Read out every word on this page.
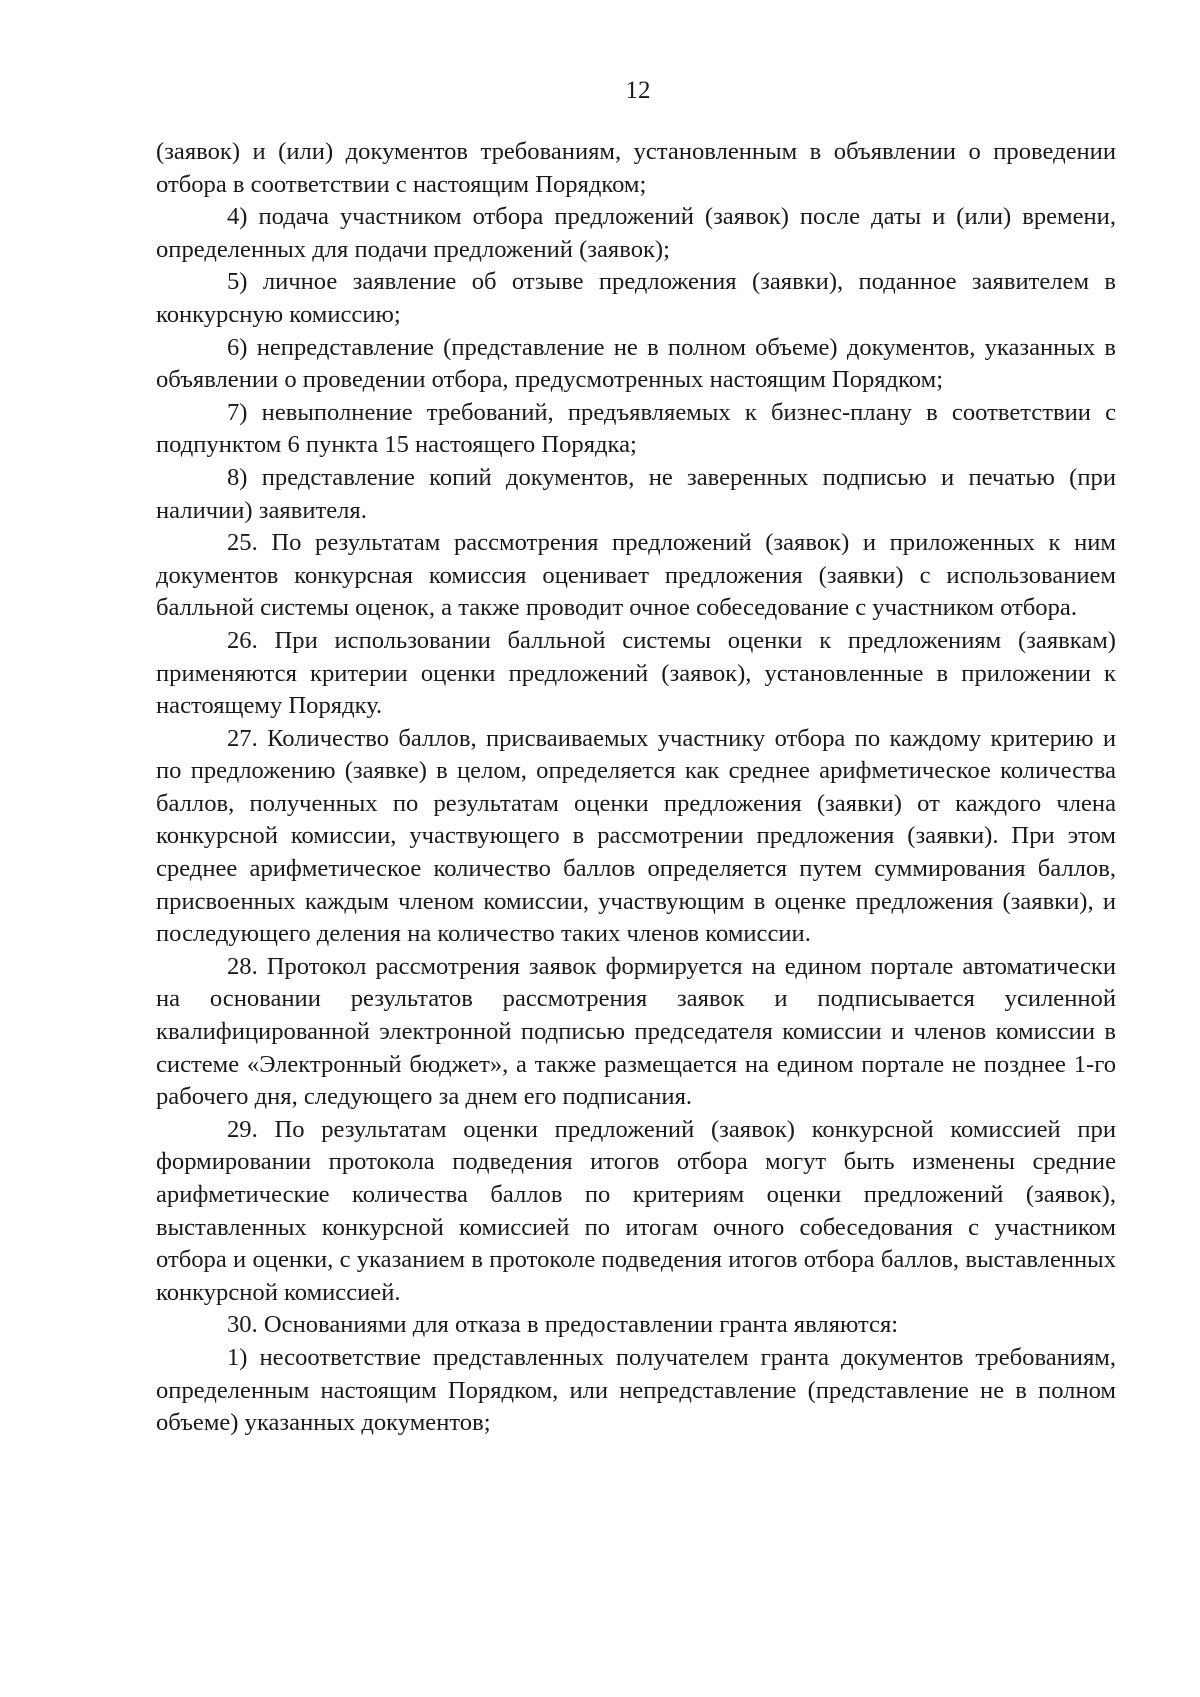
12

(заявок) и (или) документов требованиям, установленным в объявлении о проведении отбора в соответствии с настоящим Порядком;

4) подача участником отбора предложений (заявок) после даты и (или) времени, определенных для подачи предложений (заявок);

5) личное заявление об отзыве предложения (заявки), поданное заявителем в конкурсную комиссию;

6) непредставление (представление не в полном объеме) документов, указанных в объявлении о проведении отбора, предусмотренных настоящим Порядком;

7) невыполнение требований, предъявляемых к бизнес-плану в соответствии с подпунктом 6 пункта 15 настоящего Порядка;

8) представление копий документов, не заверенных подписью и печатью (при наличии) заявителя.

25. По результатам рассмотрения предложений (заявок) и приложенных к ним документов конкурсная комиссия оценивает предложения (заявки) с использованием балльной системы оценок, а также проводит очное собеседование с участником отбора.

26. При использовании балльной системы оценки к предложениям (заявкам) применяются критерии оценки предложений (заявок), установленные в приложении к настоящему Порядку.

27. Количество баллов, присваиваемых участнику отбора по каждому критерию и по предложению (заявке) в целом, определяется как среднее арифметическое количества баллов, полученных по результатам оценки предложения (заявки) от каждого члена конкурсной комиссии, участвующего в рассмотрении предложения (заявки). При этом среднее арифметическое количество баллов определяется путем суммирования баллов, присвоенных каждым членом комиссии, участвующим в оценке предложения (заявки), и последующего деления на количество таких членов комиссии.

28. Протокол рассмотрения заявок формируется на едином портале автоматически на основании результатов рассмотрения заявок и подписывается усиленной квалифицированной электронной подписью председателя комиссии и членов комиссии в системе «Электронный бюджет», а также размещается на едином портале не позднее 1-го рабочего дня, следующего за днем его подписания.

29. По результатам оценки предложений (заявок) конкурсной комиссией при формировании протокола подведения итогов отбора могут быть изменены средние арифметические количества баллов по критериям оценки предложений (заявок), выставленных конкурсной комиссией по итогам очного собеседования с участником отбора и оценки, с указанием в протоколе подведения итогов отбора баллов, выставленных конкурсной комиссией.

30. Основаниями для отказа в предоставлении гранта являются:

1) несоответствие представленных получателем гранта документов требованиям, определенным настоящим Порядком, или непредставление (представление не в полном объеме) указанных документов;
